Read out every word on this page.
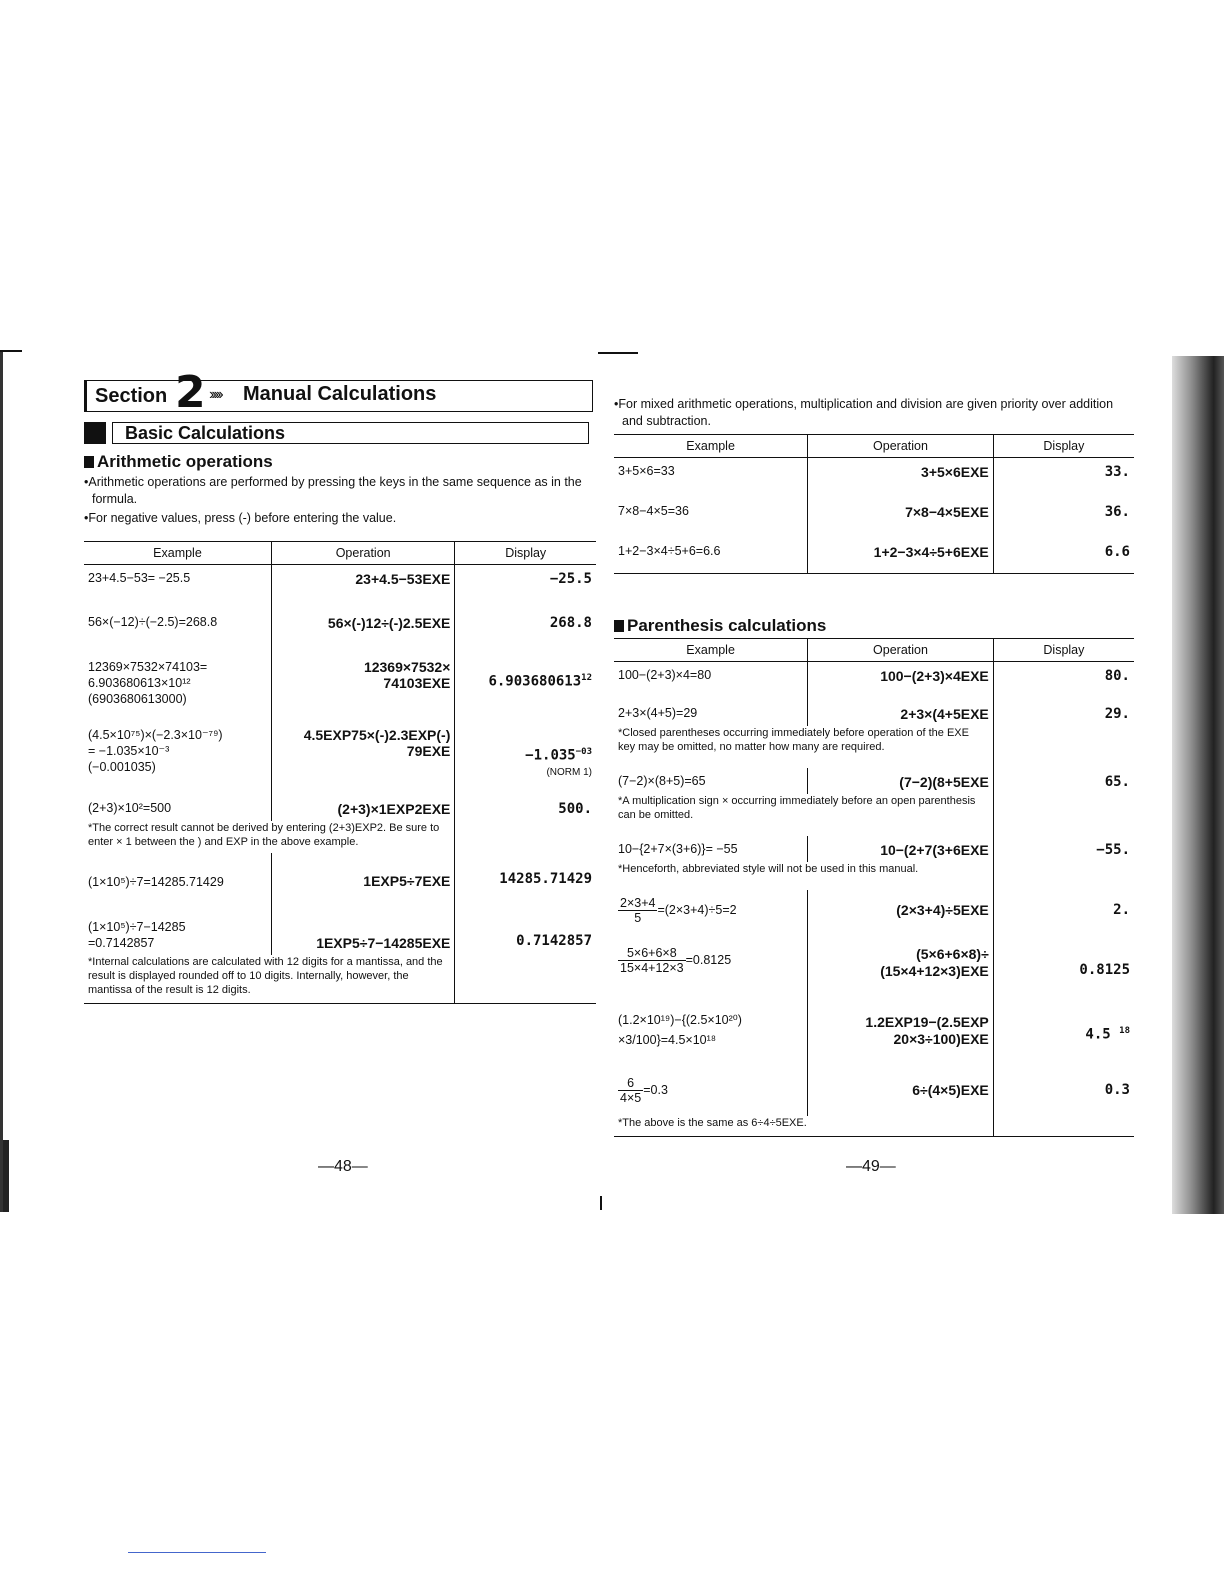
Section 2 ››››› Manual Calculations
Basic Calculations
Arithmetic operations

•Arithmetic operations are performed by pressing the keys in the same sequence as in the formula.

•For negative values, press (-) before entering the value.

Example	Operation	Display
23+4.5−53= −25.5	23+4.5−53EXE	−25.5
56×(−12)÷(−2.5)=268.8	56×(-)12÷(-)2.5EXE	268.8
12369×7532×74103=
6.903680613×10¹²
(6903680613000)	12369×7532×
74103EXE	6.903680613$^{12}$
(4.5×10⁷⁵)×(−2.3×10⁻⁷⁹)
= −1.035×10⁻³
(−0.001035)	4.5EXP75×(-)2.3EXP(-)
79EXE	$-1.035^{-03}$
(NORM 1)
(2+3)×10²=500	(2+3)×1EXP2EXE	500.
*The correct result cannot be derived by entering (2+3)EXP2. Be sure to enter × 1 between the ) and EXP in the above example.		
(1×10⁵)÷7=14285.71429	1EXP5÷7EXE	14285.71429
(1×10⁵)÷7−14285
=0.7142857	1EXP5÷7−14285EXE	0.7142857
*Internal calculations are calculated with 12 digits for a mantissa, and the result is displayed rounded off to 10 digits. Internally, however, the mantissa of the result is 12 digits.		
—48—

•For mixed arithmetic operations, multiplication and division are given priority over addition and subtraction.

Example	Operation	Display
3+5×6=33	3+5×6EXE	33.
7×8−4×5=36	7×8−4×5EXE	36.
1+2−3×4÷5+6=6.6	1+2−3×4÷5+6EXE	6.6
Parenthesis calculations
Example	Operation	Display
100−(2+3)×4=80	100−(2+3)×4EXE	80.
2+3×(4+5)=29	2+3×(4+5EXE	29.
*Closed parentheses occurring immediately before operation of the EXE key may be omitted, no matter how many are required.		
(7−2)×(8+5)=65	(7−2)(8+5EXE	65.
*A multiplication sign × occurring immediately before an open parenthesis can be omitted.		
10−{2+7×(3+6)}= −55	10−(2+7(3+6EXE	−55.
*Henceforth, abbreviated style will not be used in this manual.		

$\frac{2\times 3+4}{5} =(2\times 3+4)\div 5=2$	(2×3+4)÷5EXE	2.

$\frac{5\times 6+6\times 8}{15\times 4+12\times 3} =0.8125$	(5×6+6×8)÷
(15×4+12×3)EXE	0.8125
(1.2×10¹⁹)−{(2.5×10²⁰)
×3/100}=4.5×10¹⁸	1.2EXP19−(2.5EXP
20×3÷100)EXE	4.5 $^{18}$

$\frac{6}{4\times 5} =0.3$	6÷(4×5)EXE	0.3
*The above is the same as 6÷4÷5EXE.		
—49—
